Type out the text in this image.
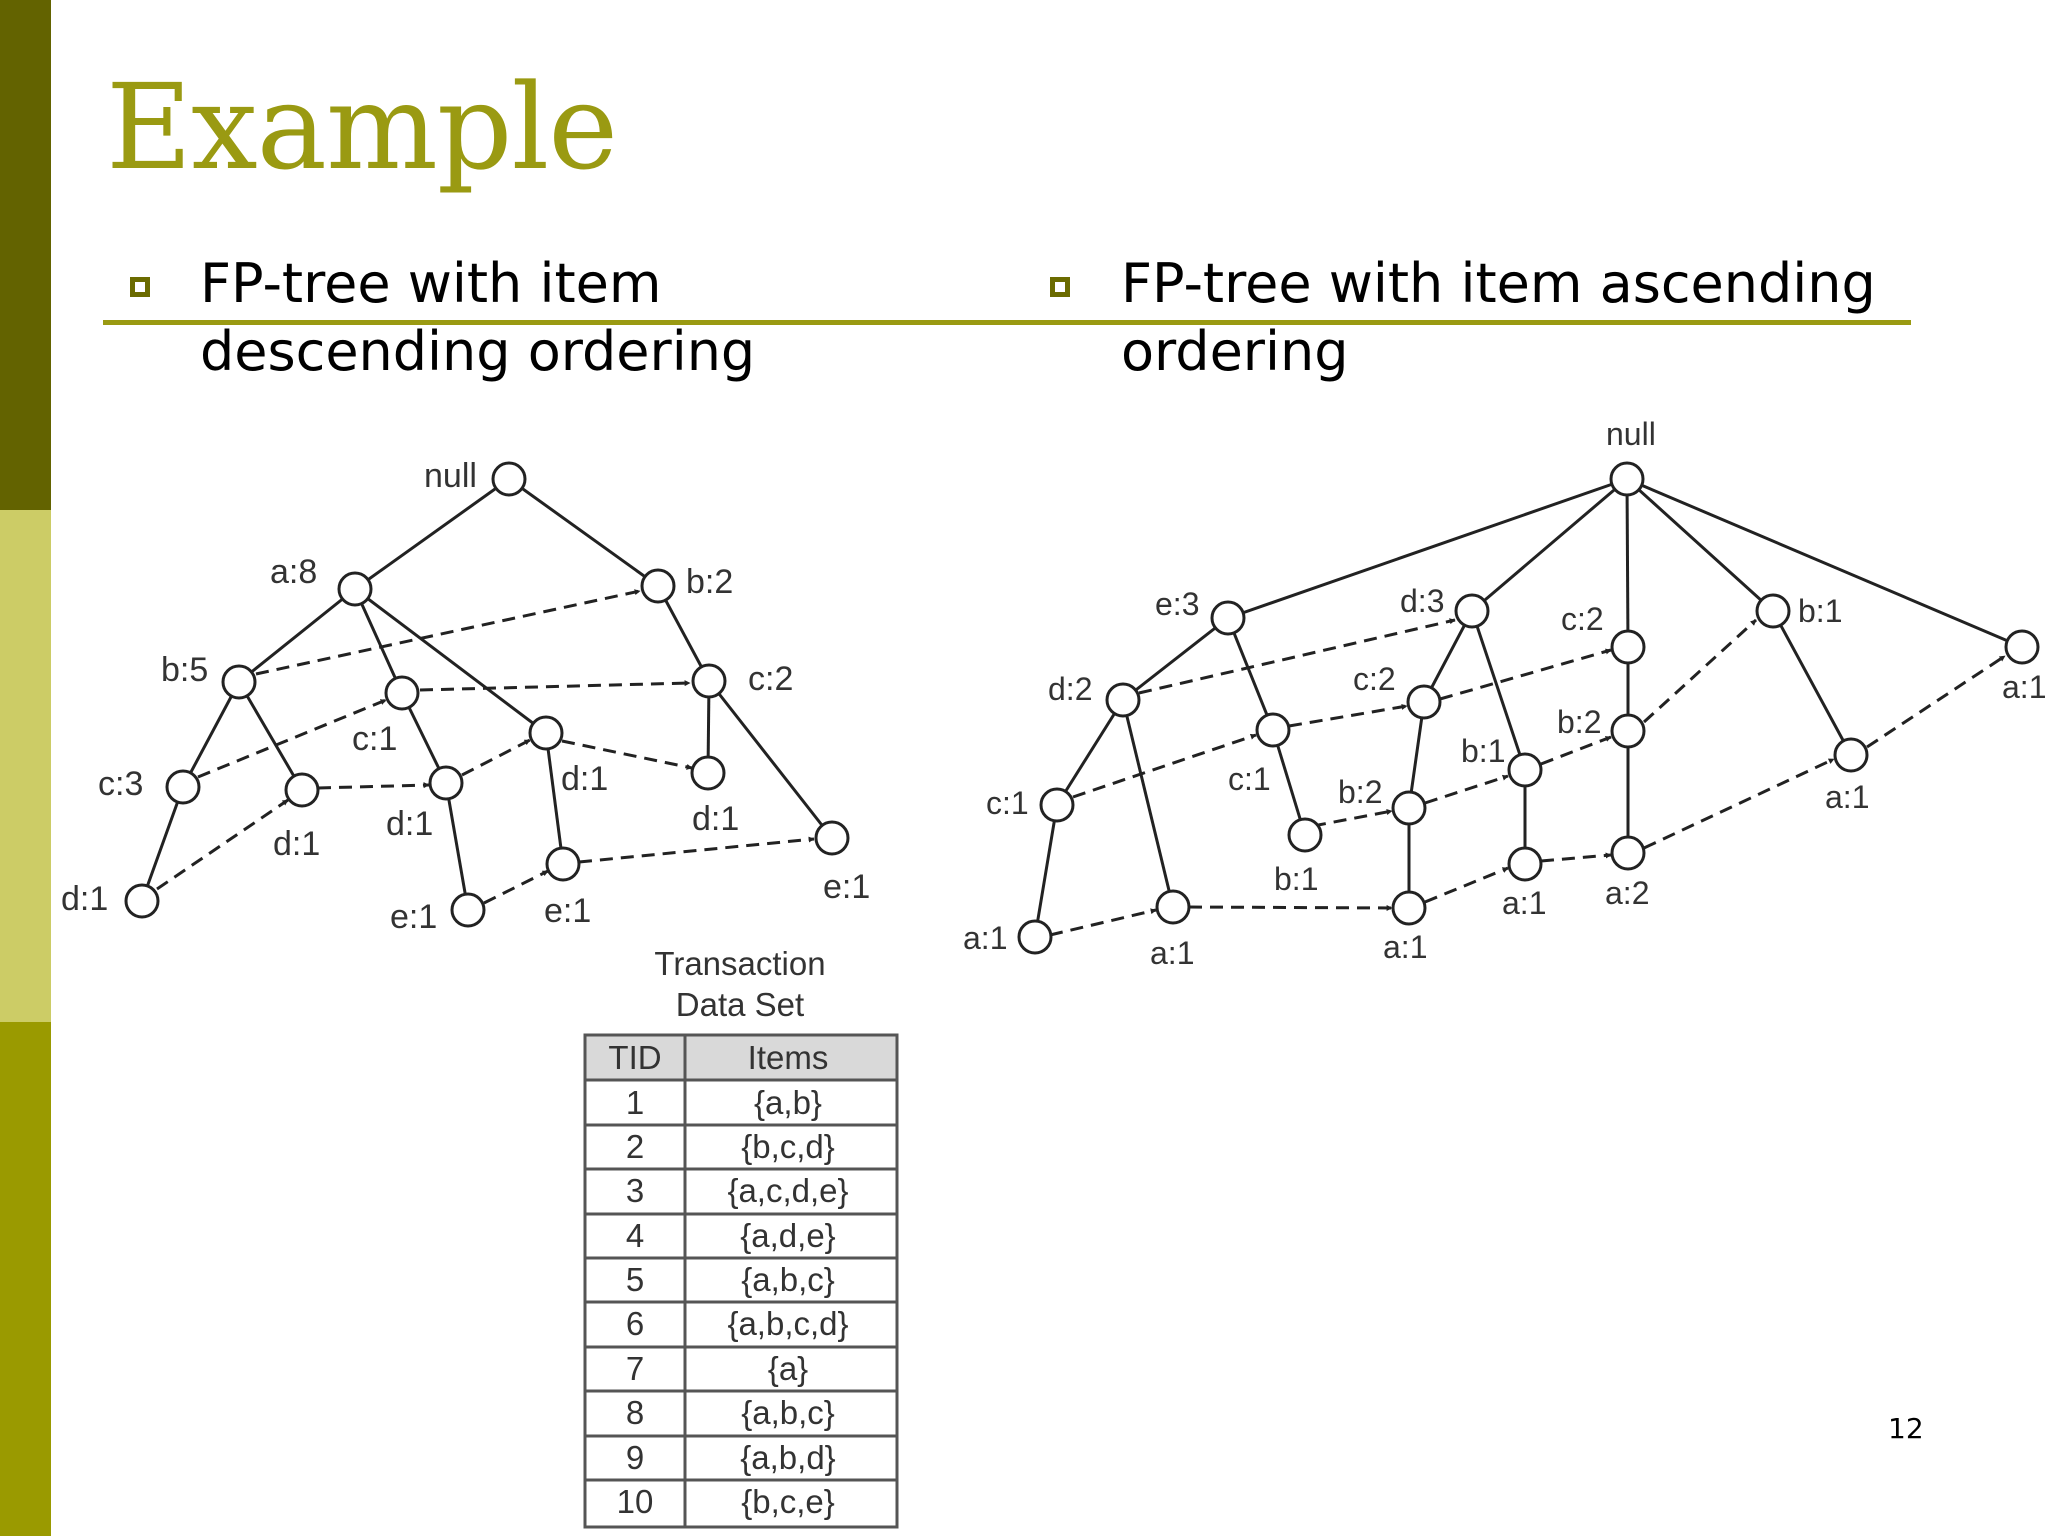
Example
FP-tree with item
descending ordering
FP-tree with item ascending
ordering
null
a:8	b:2
b:5
c:1
c:2
c:3
d:1
d:1
d:1
d:1
d:1	e:1	e:1
e:1
null
e:3	d:3	c:2	b:1
a:1
d:2	c:2
b:2
c:1
c:1
b:1
b:2	a:1
b:1
a:1	a:1	a:1
a:1 a:2
Transaction
Data Set
TID	Items
1	{a,b}
2	{b,c,d}
3	{a,c,d,e}
4	{a,d,e}
5	{a,b,c}
6	{a,b,c,d}
7	{a}
8	{a,b,c}
9	{a,b,d}
10	{b,c,e}
12
